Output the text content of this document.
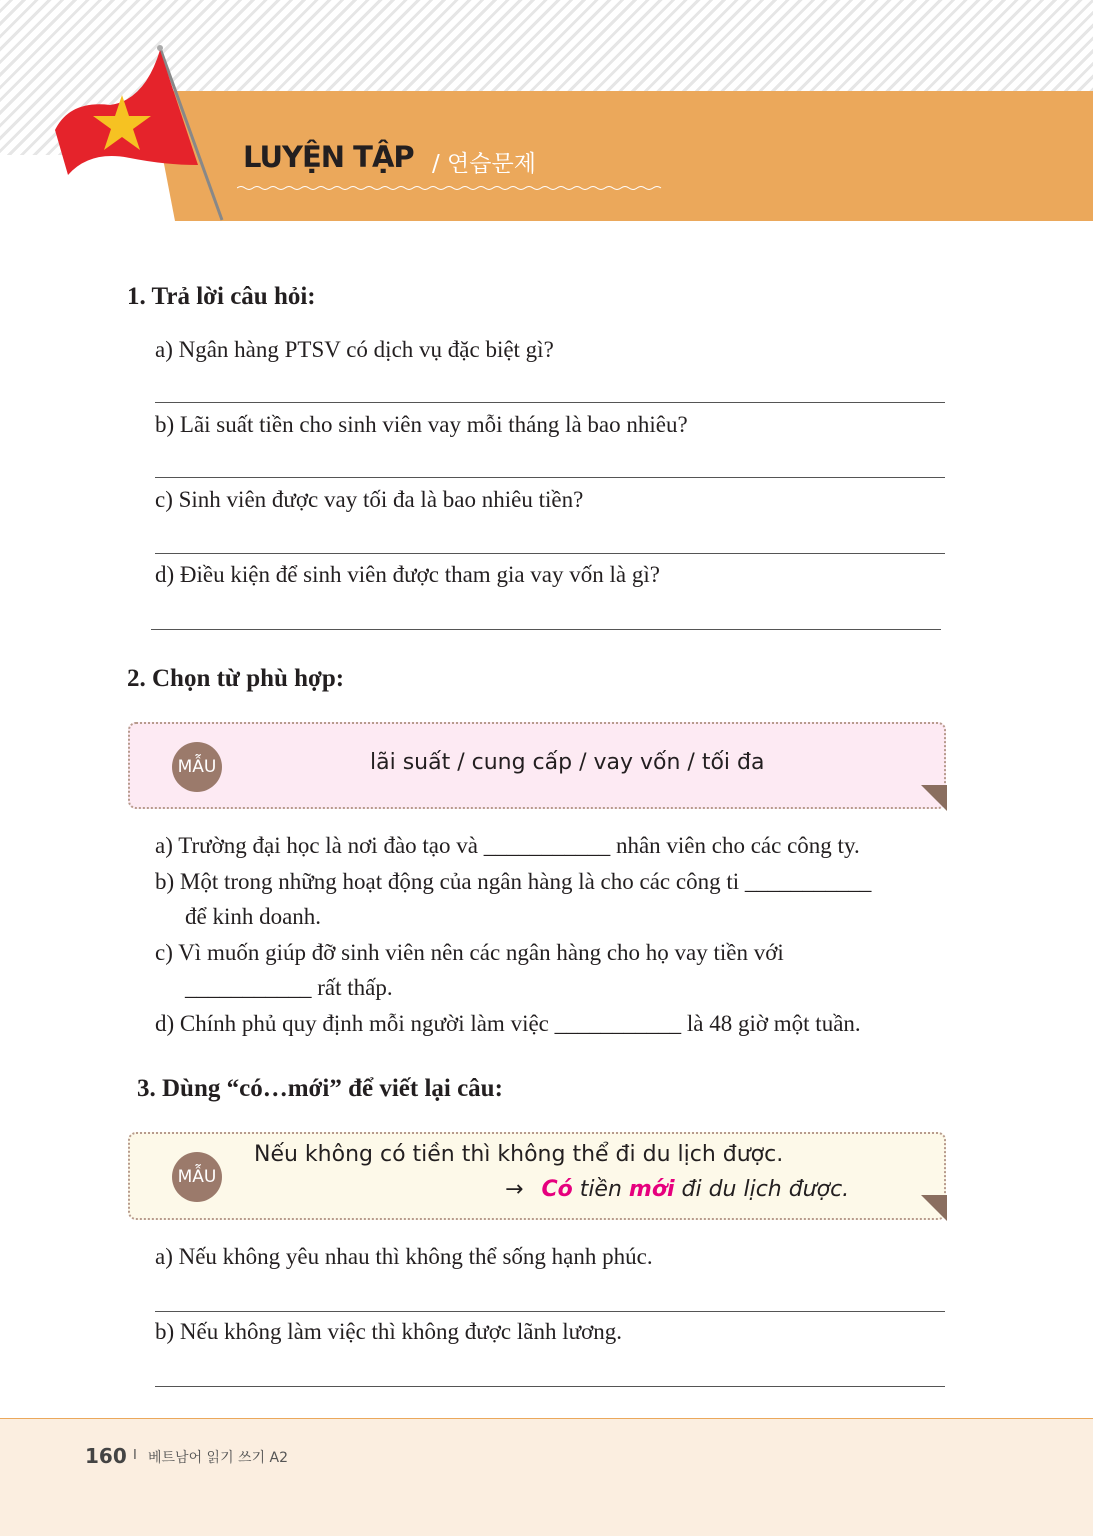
LUYỆN TẬP / 연습문제
1. Trả lời câu hỏi:
a) Ngân hàng PTSV có dịch vụ đặc biệt gì?
b) Lãi suất tiền cho sinh viên vay mỗi tháng là bao nhiêu?
c) Sinh viên được vay tối đa là bao nhiêu tiền?
d) Điều kiện để sinh viên được tham gia vay vốn là gì?
2. Chọn từ phù hợp:
MẪU	lãi suất / cung cấp / vay vốn / tối đa
a) Trường đại học là nơi đào tạo và ___________ nhân viên cho các công ty.
b) Một trong những hoạt động của ngân hàng là cho các công ti ___________
để kinh doanh.
c) Vì muốn giúp đỡ sinh viên nên các ngân hàng cho họ vay tiền với
___________ rất thấp.
d) Chính phủ quy định mỗi người làm việc ___________ là 48 giờ một tuần.
3. Dùng “có…mới” để viết lại câu:
MẪU
Nếu không có tiền thì không thể đi du lịch được.
→ Có tiền mới đi du lịch được.
a) Nếu không yêu nhau thì không thể sống hạnh phúc.
b) Nếu không làm việc thì không được lãnh lương.
160 I 베트남어 읽기 쓰기 A2
